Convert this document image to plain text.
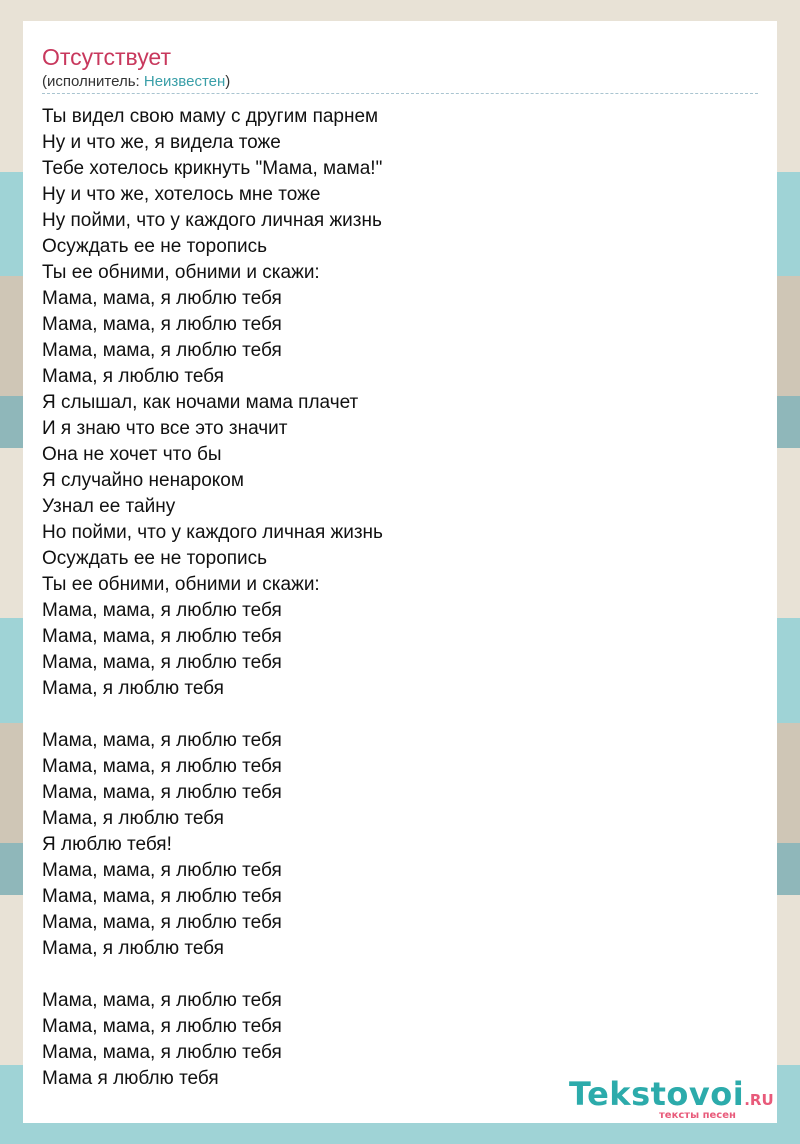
Отсутствует
(исполнитель: Неизвестен)
Ты видел свою маму с другим парнем
Ну и что же, я видела тоже
Тебе хотелось крикнуть "Мама, мама!"
Ну и что же, хотелось мне тоже
Ну пойми, что у каждого личная жизнь
Осуждать ее не торопись
Ты ее обними, обними и скажи:
Мама, мама, я люблю тебя
Мама, мама, я люблю тебя
Мама, мама, я люблю тебя
Мама, я люблю тебя
Я слышал, как ночами мама плачет
И я знаю что все это значит
Она не хочет что бы
Я случайно ненароком
Узнал ее тайну
Но пойми, что у каждого личная жизнь
Осуждать ее не торопись
Ты ее обними, обними и скажи:
Мама, мама, я люблю тебя
Мама, мама, я люблю тебя
Мама, мама, я люблю тебя
Мама, я люблю тебя
Мама, мама, я люблю тебя
Мама, мама, я люблю тебя
Мама, мама, я люблю тебя
Мама, я люблю тебя
Я люблю тебя!
Мама, мама, я люблю тебя
Мама, мама, я люблю тебя
Мама, мама, я люблю тебя
Мама, я люблю тебя
Мама, мама, я люблю тебя
Мама, мама, я люблю тебя
Мама, мама, я люблю тебя
Мама я люблю тебя	Tekstovoi.RU
тексты песен
